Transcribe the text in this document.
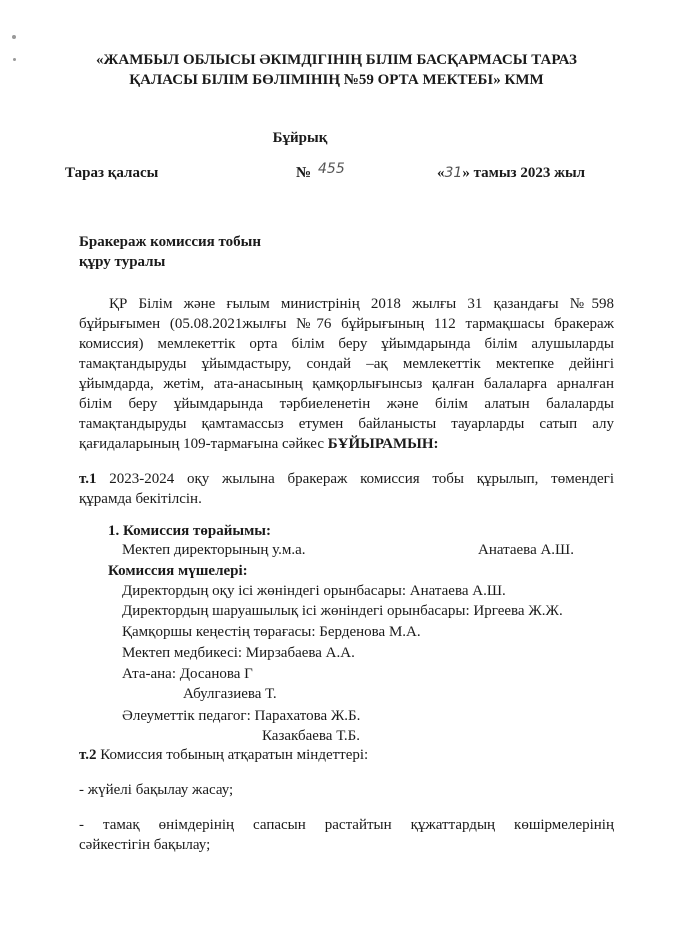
«ЖАМБЫЛ ОБЛЫСЫ ӘКІМДІГІНІҢ БІЛІМ БАСҚАРМАСЫ ТАРАЗ
ҚАЛАСЫ БІЛІМ БӨЛІМІНІҢ №59 ОРТА МЕКТЕБІ» КММ
Бұйрық
Тараз қаласы	№ 455	«31» тамыз 2023 жыл
Бракераж комиссия тобын
құру туралы
ҚР Білім және ғылым министрінің 2018 жылғы 31 қазандағы №598
бұйрығымен (05.08.2021жылғы №76 бұйрығының 112 тармақшасы бракераж
комиссия) мемлекеттік орта білім беру ұйымдарында білім алушыларды
тамақтандыруды ұйымдастыру, сондай –ақ мемлекеттік мектепке дейінгі
ұйымдарда, жетім, ата-анасының қамқорлығынсыз қалған балаларға арналған
білім беру ұйымдарында тәрбиеленетін және білім алатын балаларды
тамақтандыруды қамтамассыз етумен байланысты тауарларды сатып алу
қағидаларының 109-тармағына сәйкес БҰЙЫРАМЫН:
т.1 2023-2024 оқу жылына бракераж комиссия тобы құрылып, төмендегі
құрамда бекітілсін.
1. Комиссия төрайымы:
Мектеп директорының у.м.а.	Анатаева А.Ш.
Комиссия мүшелері:
Директордың оқу ісі жөніндегі орынбасары: Анатаева А.Ш.
Директордың шаруашылық ісі жөніндегі орынбасары: Иргеева Ж.Ж.
Қамқоршы кеңестің төрағасы: Берденова М.А.
Мектеп медбикесі: Мирзабаева А.А.
Ата-ана: Досанова Г
Абулгазиева Т.
Әлеуметтік педагог: Парахатова Ж.Б.
Казакбаева Т.Б.
т.2 Комиссия тобының атқаратын міндеттері:
- жүйелі бақылау жасау;
- тамақ өнімдерінің сапасын растайтын құжаттардың көшірмелерінің
сәйкестігін бақылау;
